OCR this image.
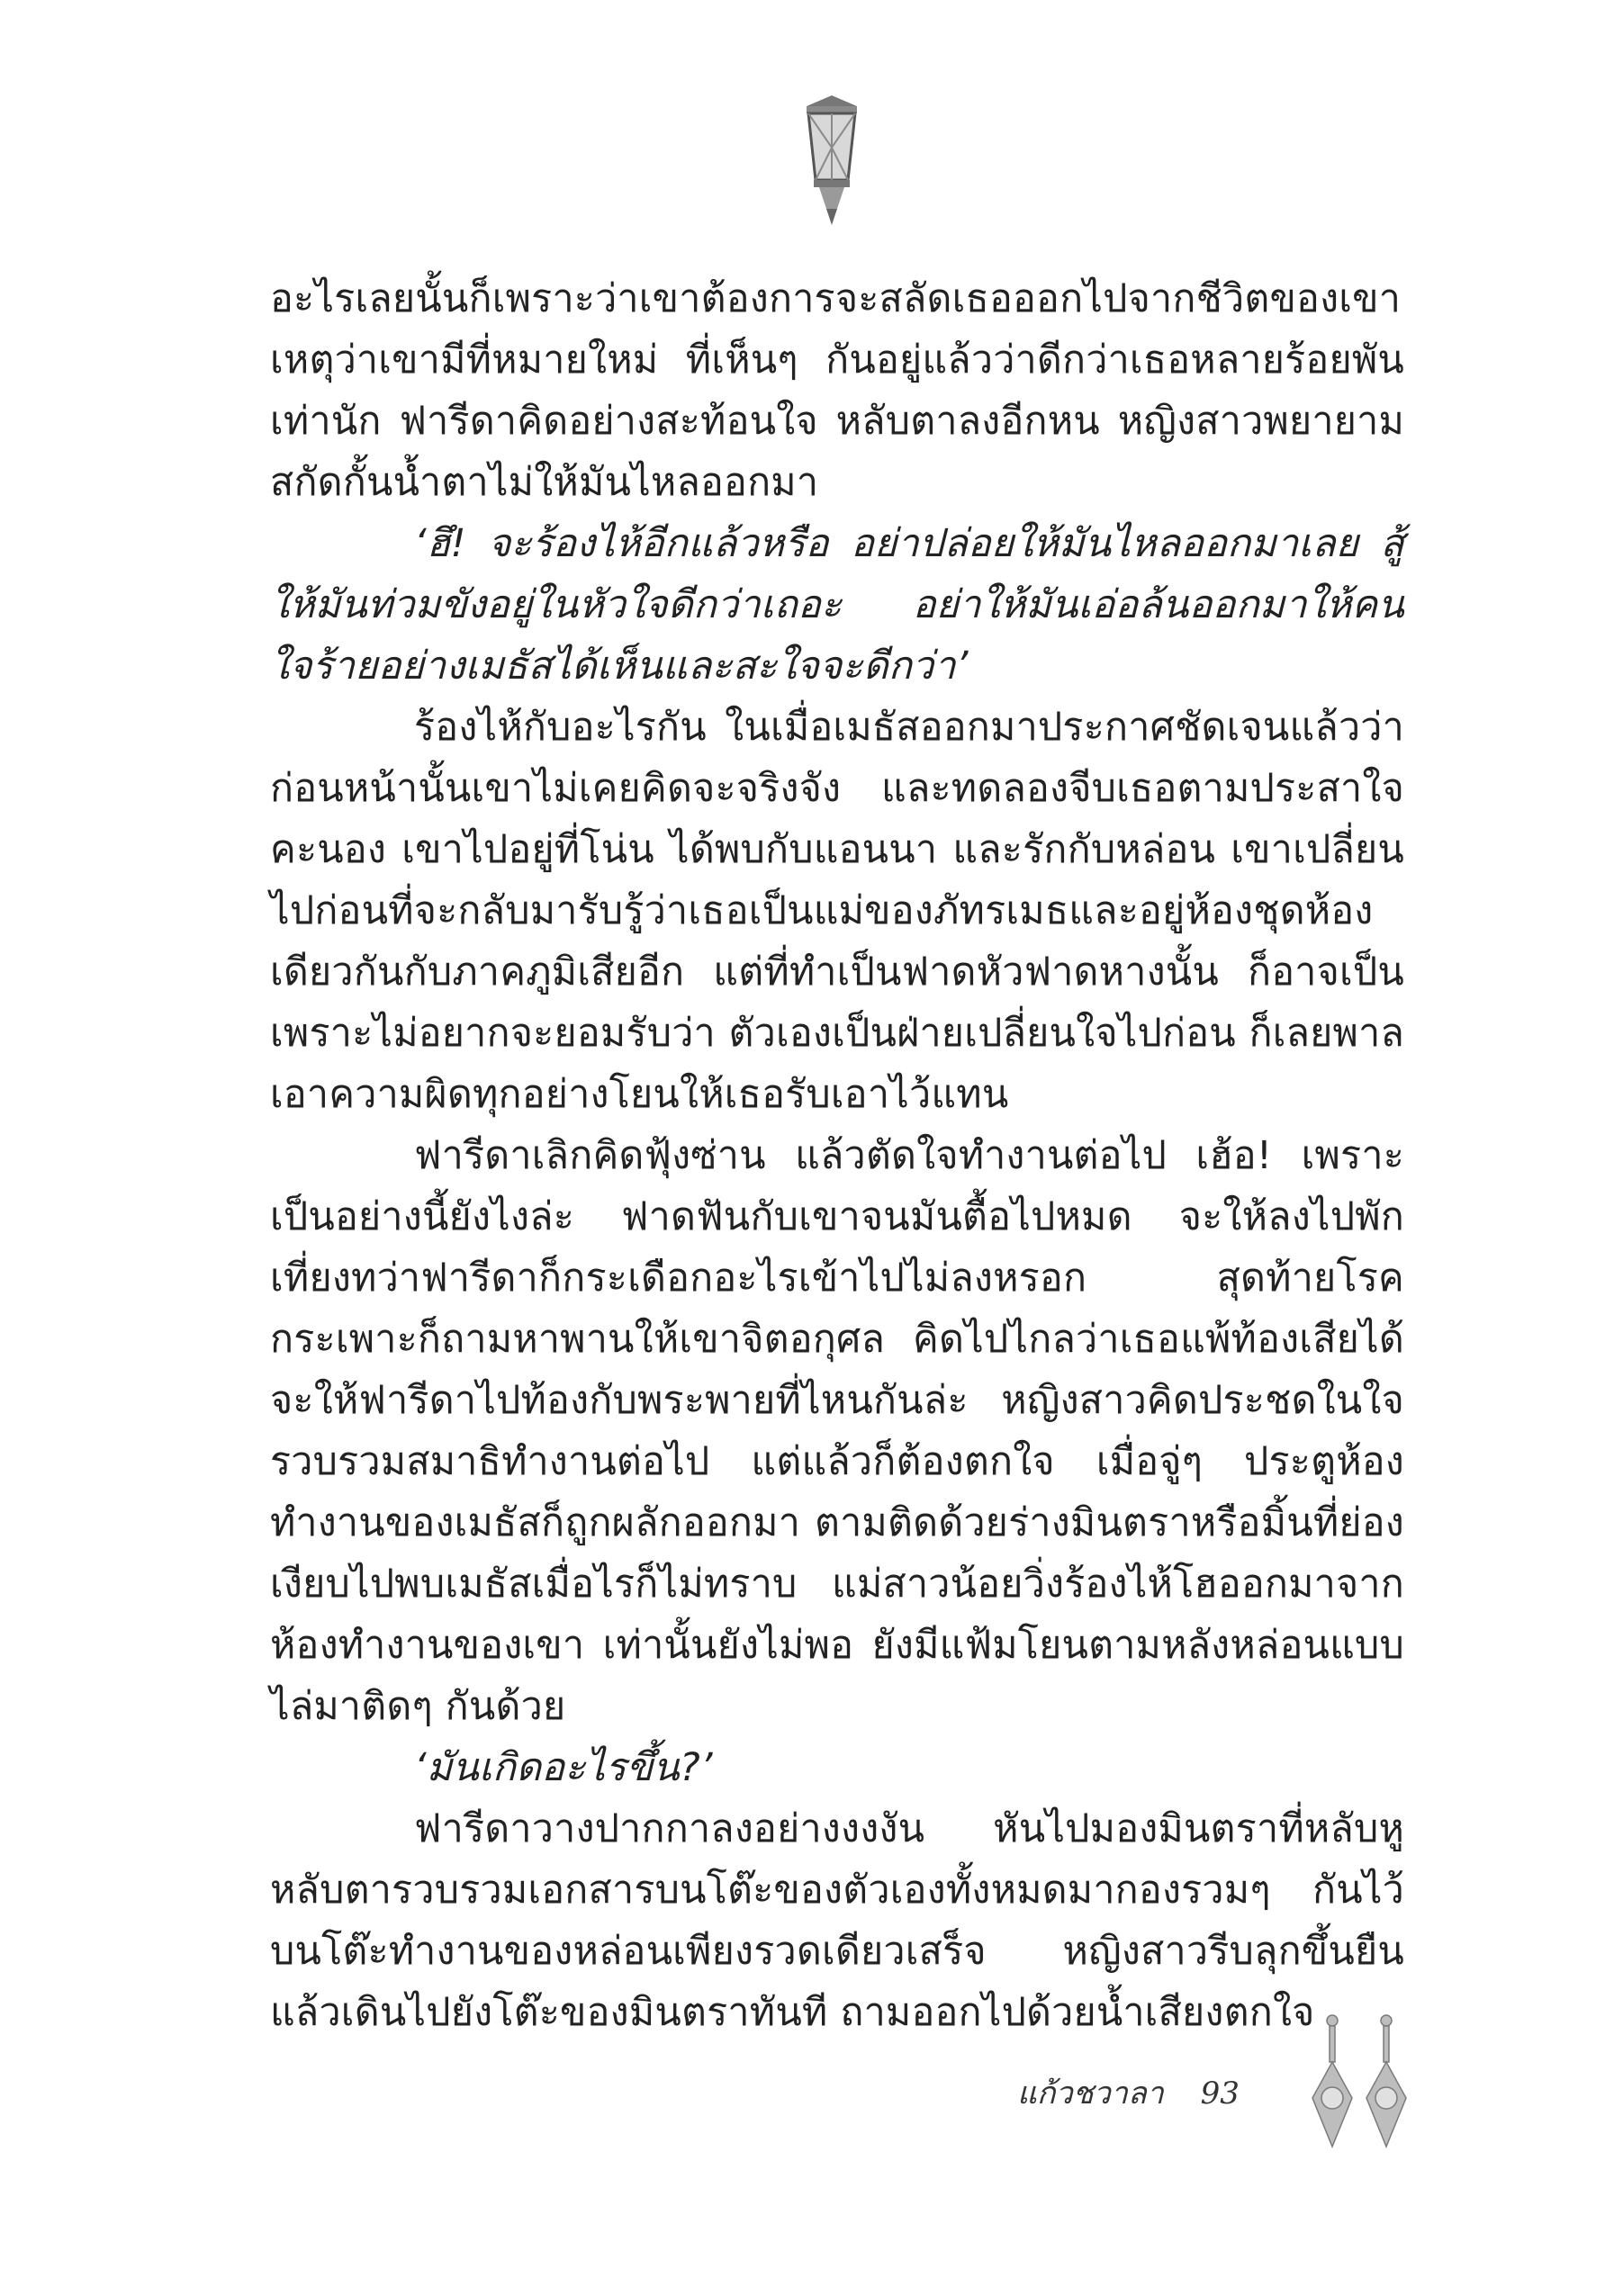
อะไรเลยนั้นก็เพราะว่าเขาต้องการจะสลัดเธอออกไปจากชีวิตของเขา เหตุว่าเขามีที่หมายใหม่ ที่เห็นๆ กันอยู่แล้วว่าดีกว่าเธอหลายร้อยพันเท่านัก ฟารีดาคิดอย่างสะท้อนใจ หลับตาลงอีกหน หญิงสาวพยายามสกัดกั้นน้ำตาไม่ให้มันไหลออกมา

‘ฮึ! จะร้องไห้อีกแล้วหรือ อย่าปล่อยให้มันไหลออกมาเลย สู้ให้มันท่วมขังอยู่ในหัวใจดีกว่าเถอะ อย่าให้มันเอ่อล้นออกมาให้คนใจร้ายอย่างเมธัสได้เห็นและสะใจจะดีกว่า’

ร้องไห้กับอะไรกัน ในเมื่อเมธัสออกมาประกาศชัดเจนแล้วว่าก่อนหน้านั้นเขาไม่เคยคิดจะจริงจัง และทดลองจีบเธอตามประสาใจคะนอง เขาไปอยู่ที่โน่น ได้พบกับแอนนา และรักกับหล่อน เขาเปลี่ยนไปก่อนที่จะกลับมารับรู้ว่าเธอเป็นแม่ของภัทรเมธและอยู่ห้องชุดห้องเดียวกันกับภาคภูมิเสียอีก แต่ที่ทำเป็นฟาดหัวฟาดหางนั้น ก็อาจเป็นเพราะไม่อยากจะยอมรับว่า ตัวเองเป็นฝ่ายเปลี่ยนใจไปก่อน ก็เลยพาลเอาความผิดทุกอย่างโยนให้เธอรับเอาไว้แทน

ฟารีดาเลิกคิดฟุ้งซ่าน แล้วตัดใจทำงานต่อไป เฮ้อ! เพราะเป็นอย่างนี้ยังไงล่ะ ฟาดฟันกับเขาจนมันตื้อไปหมด จะให้ลงไปพักเที่ยงทว่าฟารีดาก็กระเดือกอะไรเข้าไปไม่ลงหรอก สุดท้ายโรคกระเพาะก็ถามหาพานให้เขาจิตอกุศล คิดไปไกลว่าเธอแพ้ท้องเสียได้ จะให้ฟารีดาไปท้องกับพระพายที่ไหนกันล่ะ หญิงสาวคิดประชดในใจ รวบรวมสมาธิทำงานต่อไป แต่แล้วก็ต้องตกใจ เมื่อจู่ๆ ประตูห้องทำงานของเมธัสก็ถูกผลักออกมา ตามติดด้วยร่างมินตราหรือมิ้นที่ย่องเงียบไปพบเมธัสเมื่อไรก็ไม่ทราบ แม่สาวน้อยวิ่งร้องไห้โฮออกมาจากห้องทำงานของเขา เท่านั้นยังไม่พอ ยังมีแฟ้มโยนตามหลังหล่อนแบบไล่มาติดๆ กันด้วย

‘มันเกิดอะไรขึ้น?’

ฟารีดาวางปากกาลงอย่างงงงัน หันไปมองมินตราที่หลับหูหลับตารวบรวมเอกสารบนโต๊ะของตัวเองทั้งหมดมากองรวมๆ กันไว้บนโต๊ะทำงานของหล่อนเพียงรวดเดียวเสร็จ หญิงสาวรีบลุกขึ้นยืน แล้วเดินไปยังโต๊ะของมินตราทันที ถามออกไปด้วยน้ำเสียงตกใจ

แก้วชวาลา 93
